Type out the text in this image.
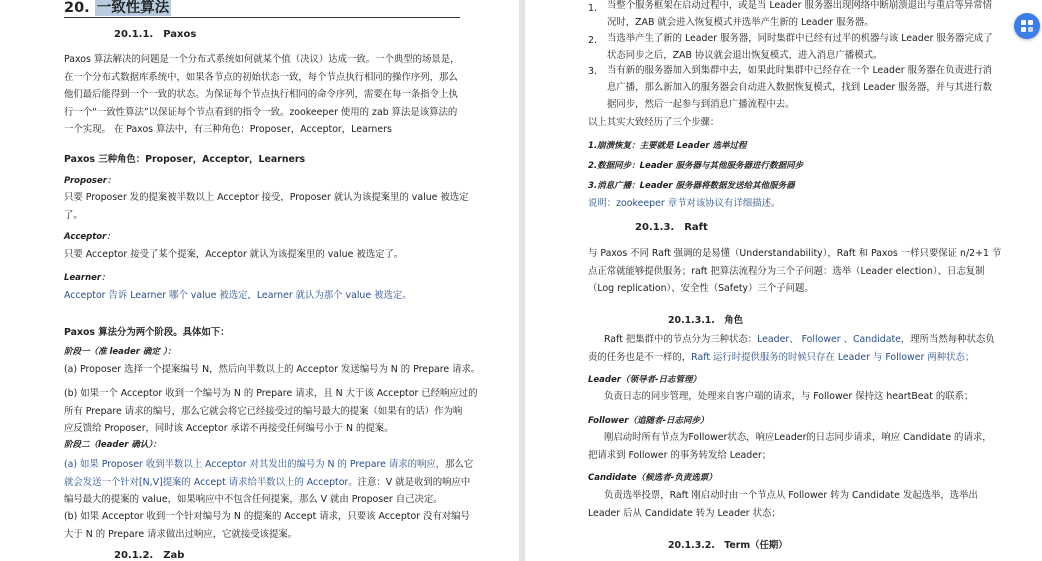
20. 一致性算法
20.1.1.　Paxos
Paxos 算法解决的问题是一个分布式系统如何就某个值（决议）达成一致。一个典型的场景是，
在一个分布式数据库系统中，如果各节点的初始状态一致，每个节点执行相同的操作序列，那么
他们最后能得到一个一致的状态。为保证每个节点执行相同的命令序列，需要在每一条指令上执
行一个“一致性算法”以保证每个节点看到的指令一致。zookeeper 使用的 zab 算法是该算法的
一个实现。 在 Paxos 算法中，有三种角色：Proposer，Acceptor，Learners
Paxos 三种角色：Proposer，Acceptor，Learners
Proposer：
只要 Proposer 发的提案被半数以上 Acceptor 接受，Proposer 就认为该提案里的 value 被选定
了。
Acceptor：
只要 Acceptor 接受了某个提案，Acceptor 就认为该提案里的 value 被选定了。
Learner：
Acceptor 告诉 Learner 哪个 value 被选定，Learner 就认为那个 value 被选定。
Paxos 算法分为两个阶段。具体如下：
阶段一（准 leader 确定 ）：
(a) Proposer 选择一个提案编号 N，然后向半数以上的 Acceptor 发送编号为 N 的 Prepare 请求。
(b) 如果一个 Acceptor 收到一个编号为 N 的 Prepare 请求，且 N 大于该 Acceptor 已经响应过的
所有 Prepare 请求的编号，那么它就会将它已经接受过的编号最大的提案（如果有的话）作为响
应反馈给 Proposer，同时该 Acceptor 承诺不再接受任何编号小于 N 的提案。
阶段二（leader 确认）：
(a) 如果 Proposer 收到半数以上 Acceptor 对其发出的编号为 N 的 Prepare 请求的响应，那么它
就会发送一个针对[N,V]提案的 Accept 请求给半数以上的 Acceptor。注意：V 就是收到的响应中
编号最大的提案的 value，如果响应中不包含任何提案，那么 V 就由 Proposer 自己决定。
(b) 如果 Acceptor 收到一个针对编号为 N 的提案的 Accept 请求，只要该 Acceptor 没有对编号
大于 N 的 Prepare 请求做出过响应，它就接受该提案。
20.1.2.　Zab
1. 当整个服务框架在启动过程中，或是当 Leader 服务器出现网络中断崩溃退出与重启等异常情
况时，ZAB 就会进入恢复模式并选举产生新的 Leader 服务器。
2. 当选举产生了新的 Leader 服务器，同时集群中已经有过半的机器与该 Leader 服务器完成了
状态同步之后，ZAB 协议就会退出恢复模式，进入消息广播模式。
3. 当有新的服务器加入到集群中去，如果此时集群中已经存在一个 Leader 服务器在负责进行消
息广播，那么新加入的服务器会自动进入数据恢复模式，找到 Leader 服务器，并与其进行数
据同步，然后一起参与到消息广播流程中去。
以上其实大致经历了三个步骤：
1.崩溃恢复：主要就是 Leader 选举过程
2.数据同步：Leader 服务器与其他服务器进行数据同步
3.消息广播：Leader 服务器将数据发送给其他服务器
说明：zookeeper 章节对该协议有详细描述。
20.1.3.　Raft
与 Paxos 不同 Raft 强调的是易懂（Understandability），Raft 和 Paxos 一样只要保证 n/2+1 节
点正常就能够提供服务；raft 把算法流程分为三个子问题：选举（Leader election）、日志复制
（Log replication）、安全性（Safety）三个子问题。
20.1.3.1.　角色
Raft 把集群中的节点分为三种状态：Leader、 Follower 、Candidate，理所当然每种状态负
责的任务也是不一样的，Raft 运行时提供服务的时候只存在 Leader 与 Follower 两种状态；
Leader（领导者-日志管理）
负责日志的同步管理，处理来自客户端的请求，与 Follower 保持这 heartBeat 的联系；
Follower（追随者-日志同步）
刚启动时所有节点为Follower状态，响应Leader的日志同步请求，响应 Candidate 的请求，
把请求到 Follower 的事务转发给 Leader；
Candidate（候选者-负责选票）
负责选举投票，Raft 刚启动时由一个节点从 Follower 转为 Candidate 发起选举，选举出
Leader 后从 Candidate 转为 Leader 状态；
20.1.3.2.　Term（任期）
